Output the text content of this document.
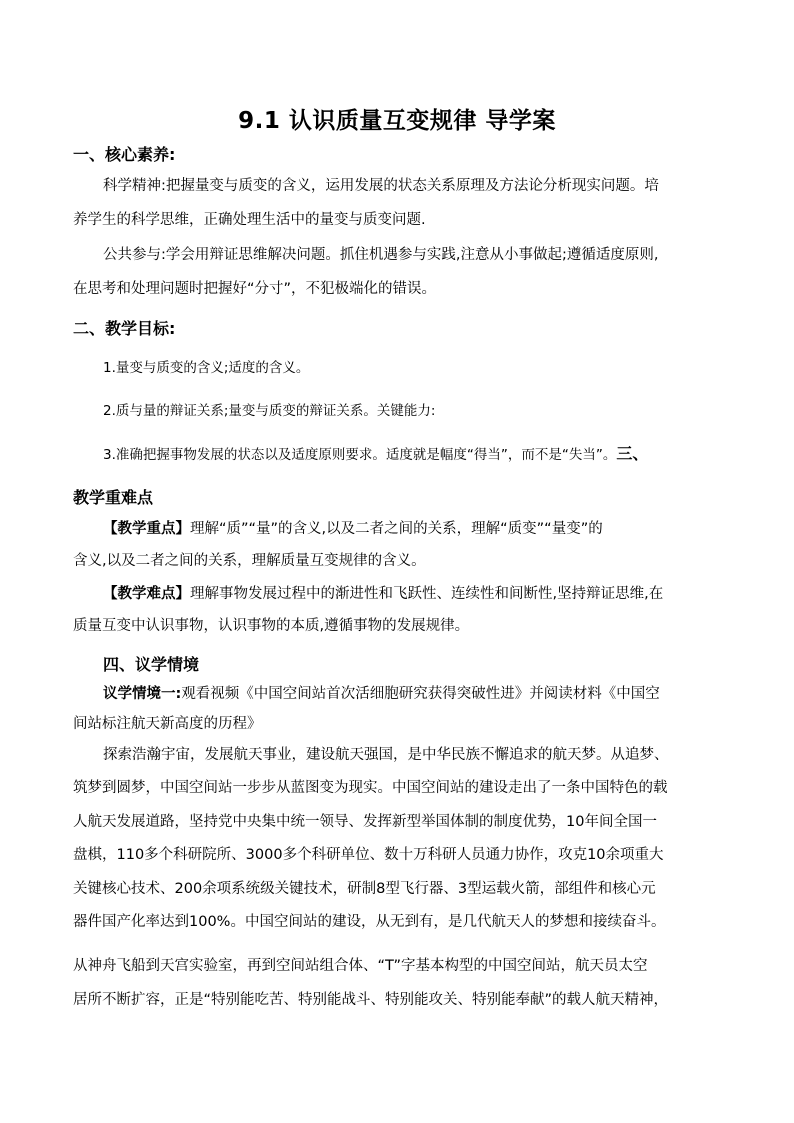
9.1 认识质量互变规律 导学案
一、核心素养:
科学精神:把握量变与质变的含义，运用发展的状态关系原理及方法论分析现实问题。培
养学生的科学思维，正确处理生活中的量变与质变问题.
公共参与:学会用辩证思维解决问题。抓住机遇参与实践,注意从小事做起;遵循适度原则,
在思考和处理问题时把握好“分寸”，不犯极端化的错误。
二、教学目标:
1.量变与质变的含义;适度的含义。
2.质与量的辩证关系;量变与质变的辩证关系。关键能力:
3.准确把握事物发展的状态以及适度原则要求。适度就是幅度“得当”，而不是“失当”。三、
教学重难点
【教学重点】理解“质”“量”的含义,以及二者之间的关系，理解“质变”“量变”的
含义,以及二者之间的关系，理解质量互变规律的含义。
【教学难点】理解事物发展过程中的渐进性和飞跃性、连续性和间断性,坚持辩证思维,在
质量互变中认识事物，认识事物的本质,遵循事物的发展规律。
四、议学情境
议学情境一:观看视频《中国空间站首次活细胞研究获得突破性进》并阅读材料《中国空
间站标注航天新高度的历程》
探索浩瀚宇宙，发展航天事业，建设航天强国，是中华民族不懈追求的航天梦。从追梦、
筑梦到圆梦，中国空间站一步步从蓝图变为现实。中国空间站的建设走出了一条中国特色的载
人航天发展道路，坚持党中央集中统一领导、发挥新型举国体制的制度优势，10年间全国一
盘棋，110多个科研院所、3000多个科研单位、数十万科研人员通力协作，攻克10余项重大
关键核心技术、200余项系统级关键技术，研制8型飞行器、3型运载火箭，部组件和核心元
器件国产化率达到100%。中国空间站的建设，从无到有，是几代航天人的梦想和接续奋斗。
从神舟飞船到天宫实验室，再到空间站组合体、“T”字基本构型的中国空间站，航天员太空
居所不断扩容，正是“特别能吃苦、特别能战斗、特别能攻关、特别能奉献”的载人航天精神，
